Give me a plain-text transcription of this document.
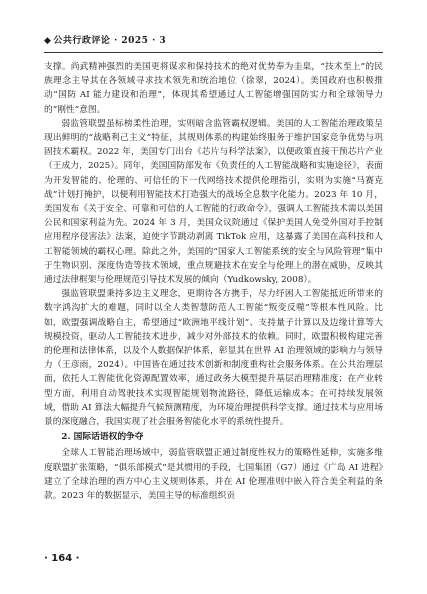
◆ 公共行政评论 · 2025 · 3

支撑。尚武精神强烈的美国更将谋求和保持技术的绝对优势奉为圭臬，“技术至上”的民族理念主导其在各领域寻求技术领先和统治地位（徐翠，2024）。美国政府也积极推动“国防 AI 能力建设和治理”，体现其希望通过人工智能增强国防实力和全球领导力的“刚性”意图。

弱监管联盟虽标榜柔性治理，实则暗含监管霸权逻辑。美国的人工智能治理政策呈现出鲜明的“战略利己主义”特征，其规则体系的构建始终服务于维护国家竞争优势与巩固技术霸权。2022 年，美国专门出台《芯片与科学法案》，以便政策直接干预芯片产业（王成力，2025）。同年，美国国防部发布《负责任的人工智能战略和实施途径》，表面为开发智能的、伦理的、可信任的下一代网络技术提供伦理指引，实则为实施“马赛克战”计划打掩护，以便利用智能技术打造强大的战场全息数字化能力。2023 年 10 月，美国发布《关于安全、可靠和可信的人工智能的行政命令》，强调人工智能技术需以美国公民和国家利益为先。2024 年 3 月，美国众议院通过《保护美国人免受外国对手控制应用程序侵害法》法案，迫使字节跳动剥离 TikTok 应用，这暴露了美国在高科技和人工智能领域的霸权心理。除此之外，美国的“国家人工智能系统的安全与风险管理”集中于生物识别、深度伪造等技术领域，重点规避技术在安全与伦理上的潜在威胁，反映其通过法律框架与伦理规范引导技术发展的倾向（Yudkowsky, 2008）。

强监管联盟秉持多边主义理念，更期待各方携手，尽力纾困人工智能抵近所带来的数字鸿沟扩大的难题，同时以全人类智慧防范人工智能“叛变反噬”等根本性风险。比如，欧盟强调战略自主，希望通过“欧洲地平线计划”、支持量子计算以及边缘计算等大规模投资，驱动人工智能技术进步，减少对外部技术的依赖。同时，欧盟积极构建完善的伦理和法律体系，以及个人数据保护体系，彰显其在世界 AI 治理领域的影响力与领导力（王彦雨，2024）。中国皆在通过技术创新和制度重构社会服务体系。在公共治理层面，依托人工智能优化资源配置效率，通过政务大模型提升基层治理精准度；在产业转型方面，利用自动驾驶技术实现智能规划物流路径，降低运输成本；在可持续发展领域，借助 AI 算法大幅提升气候预测精度，为环境治理提供科学支撑。通过技术与应用场景的深度融合，我国实现了社会服务智能化水平的系统性提升。

2. 国际话语权的争夺

全球人工智能治理场域中，弱监管联盟正通过制度性权力的策略性延伸，实施多维度联盟扩张策略，“俱乐部模式”是其惯用的手段，七国集团（G7）通过《广岛 AI 进程》建立了全球治理的西方中心主义规则体系，并在 AI 伦理准则中嵌入符合美全利益的条款。2023 年的数据显示，美国主导的标准组织贡

· 164 ·
